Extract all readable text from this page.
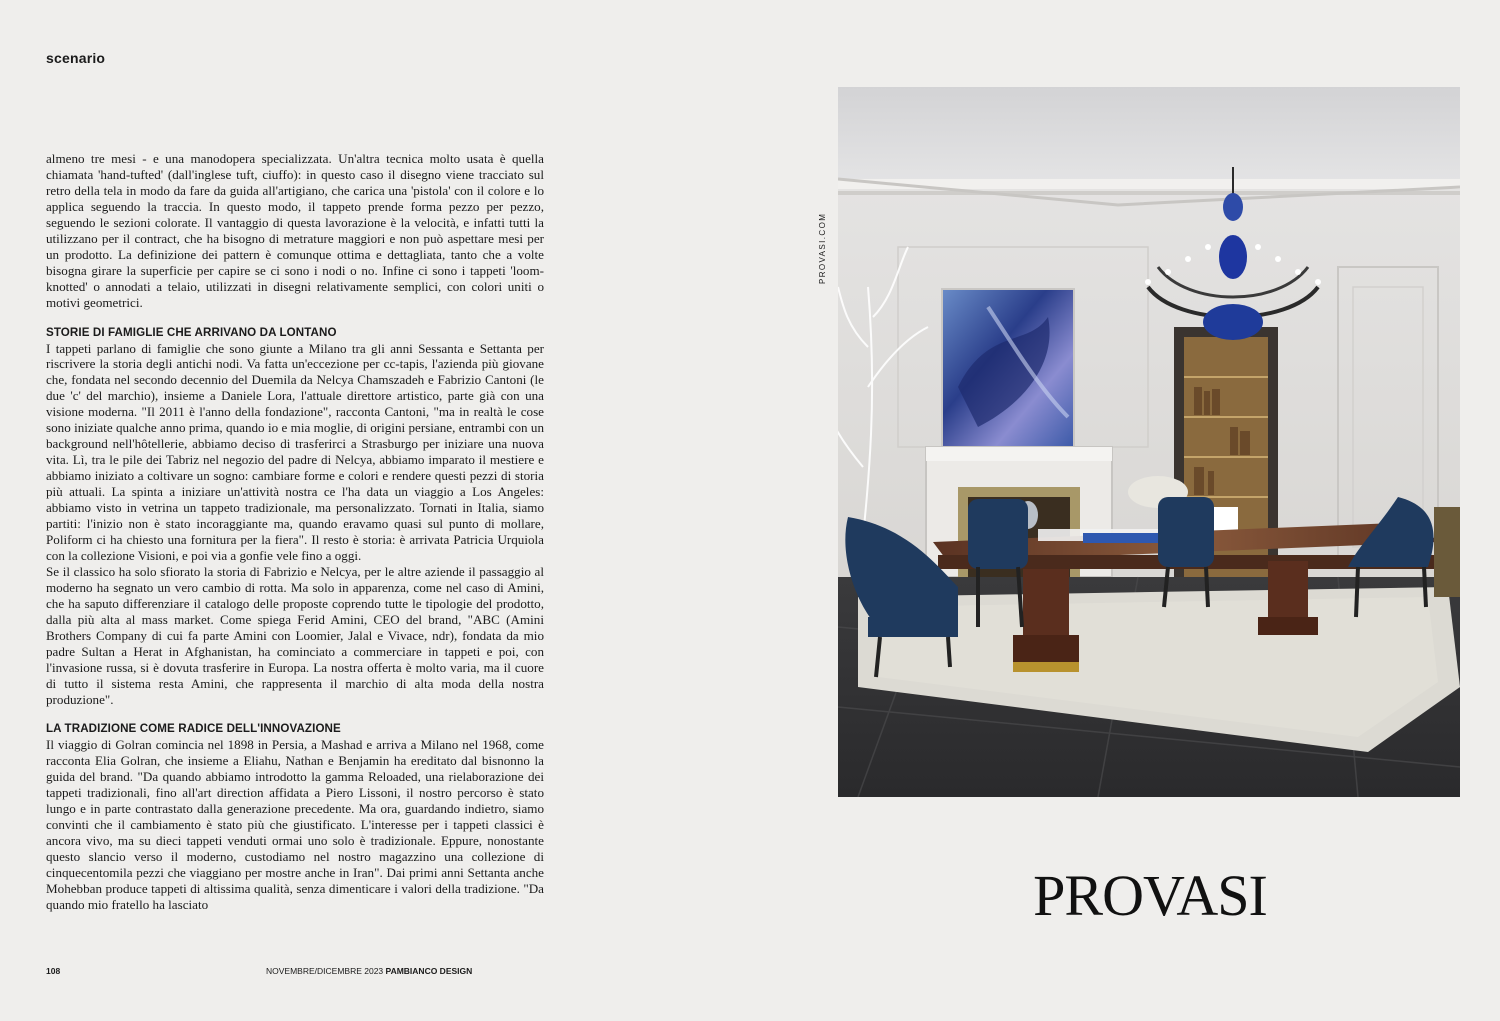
scenario

almeno tre mesi - e una manodopera specializzata. Un'altra tecnica molto usata è quella chiamata 'hand-tufted' (dall'inglese tuft, ciuffo): in questo caso il disegno viene tracciato sul retro della tela in modo da fare da guida all'artigiano, che carica una 'pistola' con il colore e lo applica seguendo la traccia. In questo modo, il tappeto prende forma pezzo per pezzo, seguendo le sezioni colorate. Il vantaggio di questa lavorazione è la velocità, e infatti tutti la utilizzano per il contract, che ha bisogno di metrature maggiori e non può aspettare mesi per un prodotto. La definizione dei pattern è comunque ottima e dettagliata, tanto che a volte bisogna girare la superficie per capire se ci sono i nodi o no. Infine ci sono i tappeti 'loom-knotted' o annodati a telaio, utilizzati in disegni relativamente semplici, con colori uniti o motivi geometrici.

STORIE DI FAMIGLIE CHE ARRIVANO DA LONTANO

I tappeti parlano di famiglie che sono giunte a Milano tra gli anni Sessanta e Settanta per riscrivere la storia degli antichi nodi. Va fatta un'eccezione per cc-tapis, l'azienda più giovane che, fondata nel secondo decennio del Duemila da Nelcya Chamszadeh e Fabrizio Cantoni (le due 'c' del marchio), insieme a Daniele Lora, l'attuale direttore artistico, parte già con una visione moderna. "Il 2011 è l'anno della fondazione", racconta Cantoni, "ma in realtà le cose sono iniziate qualche anno prima, quando io e mia moglie, di origini persiane, entrambi con un background nell'hôtellerie, abbiamo deciso di trasferirci a Strasburgo per iniziare una nuova vita. Lì, tra le pile dei Tabriz nel negozio del padre di Nelcya, abbiamo imparato il mestiere e abbiamo iniziato a coltivare un sogno: cambiare forme e colori e rendere questi pezzi di storia più attuali. La spinta a iniziare un'attività nostra ce l'ha data un viaggio a Los Angeles: abbiamo visto in vetrina un tappeto tradizionale, ma personalizzato. Tornati in Italia, siamo partiti: l'inizio non è stato incoraggiante ma, quando eravamo quasi sul punto di mollare, Poliform ci ha chiesto una fornitura per la fiera". Il resto è storia: è arrivata Patricia Urquiola con la collezione Visioni, e poi via a gonfie vele fino a oggi.

Se il classico ha solo sfiorato la storia di Fabrizio e Nelcya, per le altre aziende il passaggio al moderno ha segnato un vero cambio di rotta. Ma solo in apparenza, come nel caso di Amini, che ha saputo differenziare il catalogo delle proposte coprendo tutte le tipologie del prodotto, dalla più alta al mass market. Come spiega Ferid Amini, CEO del brand, "ABC (Amini Brothers Company di cui fa parte Amini con Loomier, Jalal e Vivace, ndr), fondata da mio padre Sultan a Herat in Afghanistan, ha cominciato a commerciare in tappeti e poi, con l'invasione russa, si è dovuta trasferire in Europa. La nostra offerta è molto varia, ma il cuore di tutto il sistema resta Amini, che rappresenta il marchio di alta moda della nostra produzione".

LA TRADIZIONE COME RADICE DELL'INNOVAZIONE

Il viaggio di Golran comincia nel 1898 in Persia, a Mashad e arriva a Milano nel 1968, come racconta Elia Golran, che insieme a Eliahu, Nathan e Benjamin ha ereditato dal bisnonno la guida del brand. "Da quando abbiamo introdotto la gamma Reloaded, una rielaborazione dei tappeti tradizionali, fino all'art direction affidata a Piero Lissoni, il nostro percorso è stato lungo e in parte contrastato dalla generazione precedente. Ma ora, guardando indietro, siamo convinti che il cambiamento è stato più che giustificato. L'interesse per i tappeti classici è ancora vivo, ma su dieci tappeti venduti ormai uno solo è tradizionale. Eppure, nonostante questo slancio verso il moderno, custodiamo nel nostro magazzino una collezione di cinquecentomila pezzi che viaggiano per mostre anche in Iran". Dai primi anni Settanta anche Mohebban produce tappeti di altissima qualità, senza dimenticare i valori della tradizione. "Da quando mio fratello ha lasciato

108	NOVEMBRE/DICEMBRE 2023 PAMBIANCO DESIGN
PROVASI.COM
PROVASI
